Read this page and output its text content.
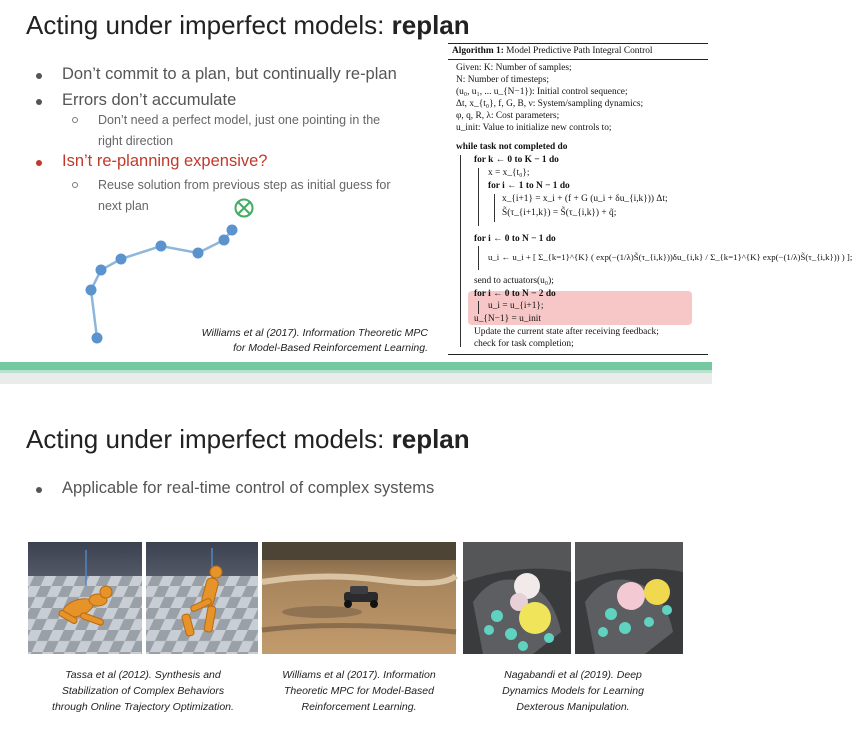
Acting under imperfect models: replan
Don’t commit to a plan, but continually re-plan
Errors don’t accumulate
Don’t need a perfect model, just one pointing in the
right direction
Isn’t re-planning expensive?
Reuse solution from previous step as initial guess for
next plan
Williams et al (2017). Information Theoretic MPC
for Model-Based Reinforcement Learning.
Algorithm 1: Model Predictive Path Integral Control
Given: K: Number of samples;
N: Number of timesteps;
(u₀, u₁, ... u_{N−1}): Initial control sequence;
Δt, x_{t₀}, f, G, B, ν: System/sampling dynamics;
φ, q, R, λ: Cost parameters;
u_init: Value to initialize new controls to;
while task not completed do
for k ← 0 to K − 1 do
x = x_{t₀};
for i ← 1 to N − 1 do
x_{i+1} = x_i + (f + G (u_i + δu_{i,k})) Δt;
S̃(τ_{i+1,k}) = S̃(τ_{i,k}) + q̃;
for i ← 0 to N − 1 do
u_i ← u_i + [ Σ_{k=1}^{K} ( exp(−(1/λ)S̃(τ_{i,k}))δu_{i,k} / Σ_{k=1}^{K} exp(−(1/λ)S̃(τ_{i,k})) ) ];
send to actuators(u₀);
for i ← 0 to N − 2 do
u_i = u_{i+1};
u_{N−1} = u_init
Update the current state after receiving feedback;
check for task completion;
Acting under imperfect models: replan
Applicable for real-time control of complex systems
Tassa et al (2012). Synthesis and
Stabilization of Complex Behaviors
through Online Trajectory Optimization.
Williams et al (2017). Information
Theoretic MPC for Model-Based
Reinforcement Learning.
Nagabandi et al (2019). Deep
Dynamics Models for Learning
Dexterous Manipulation.
